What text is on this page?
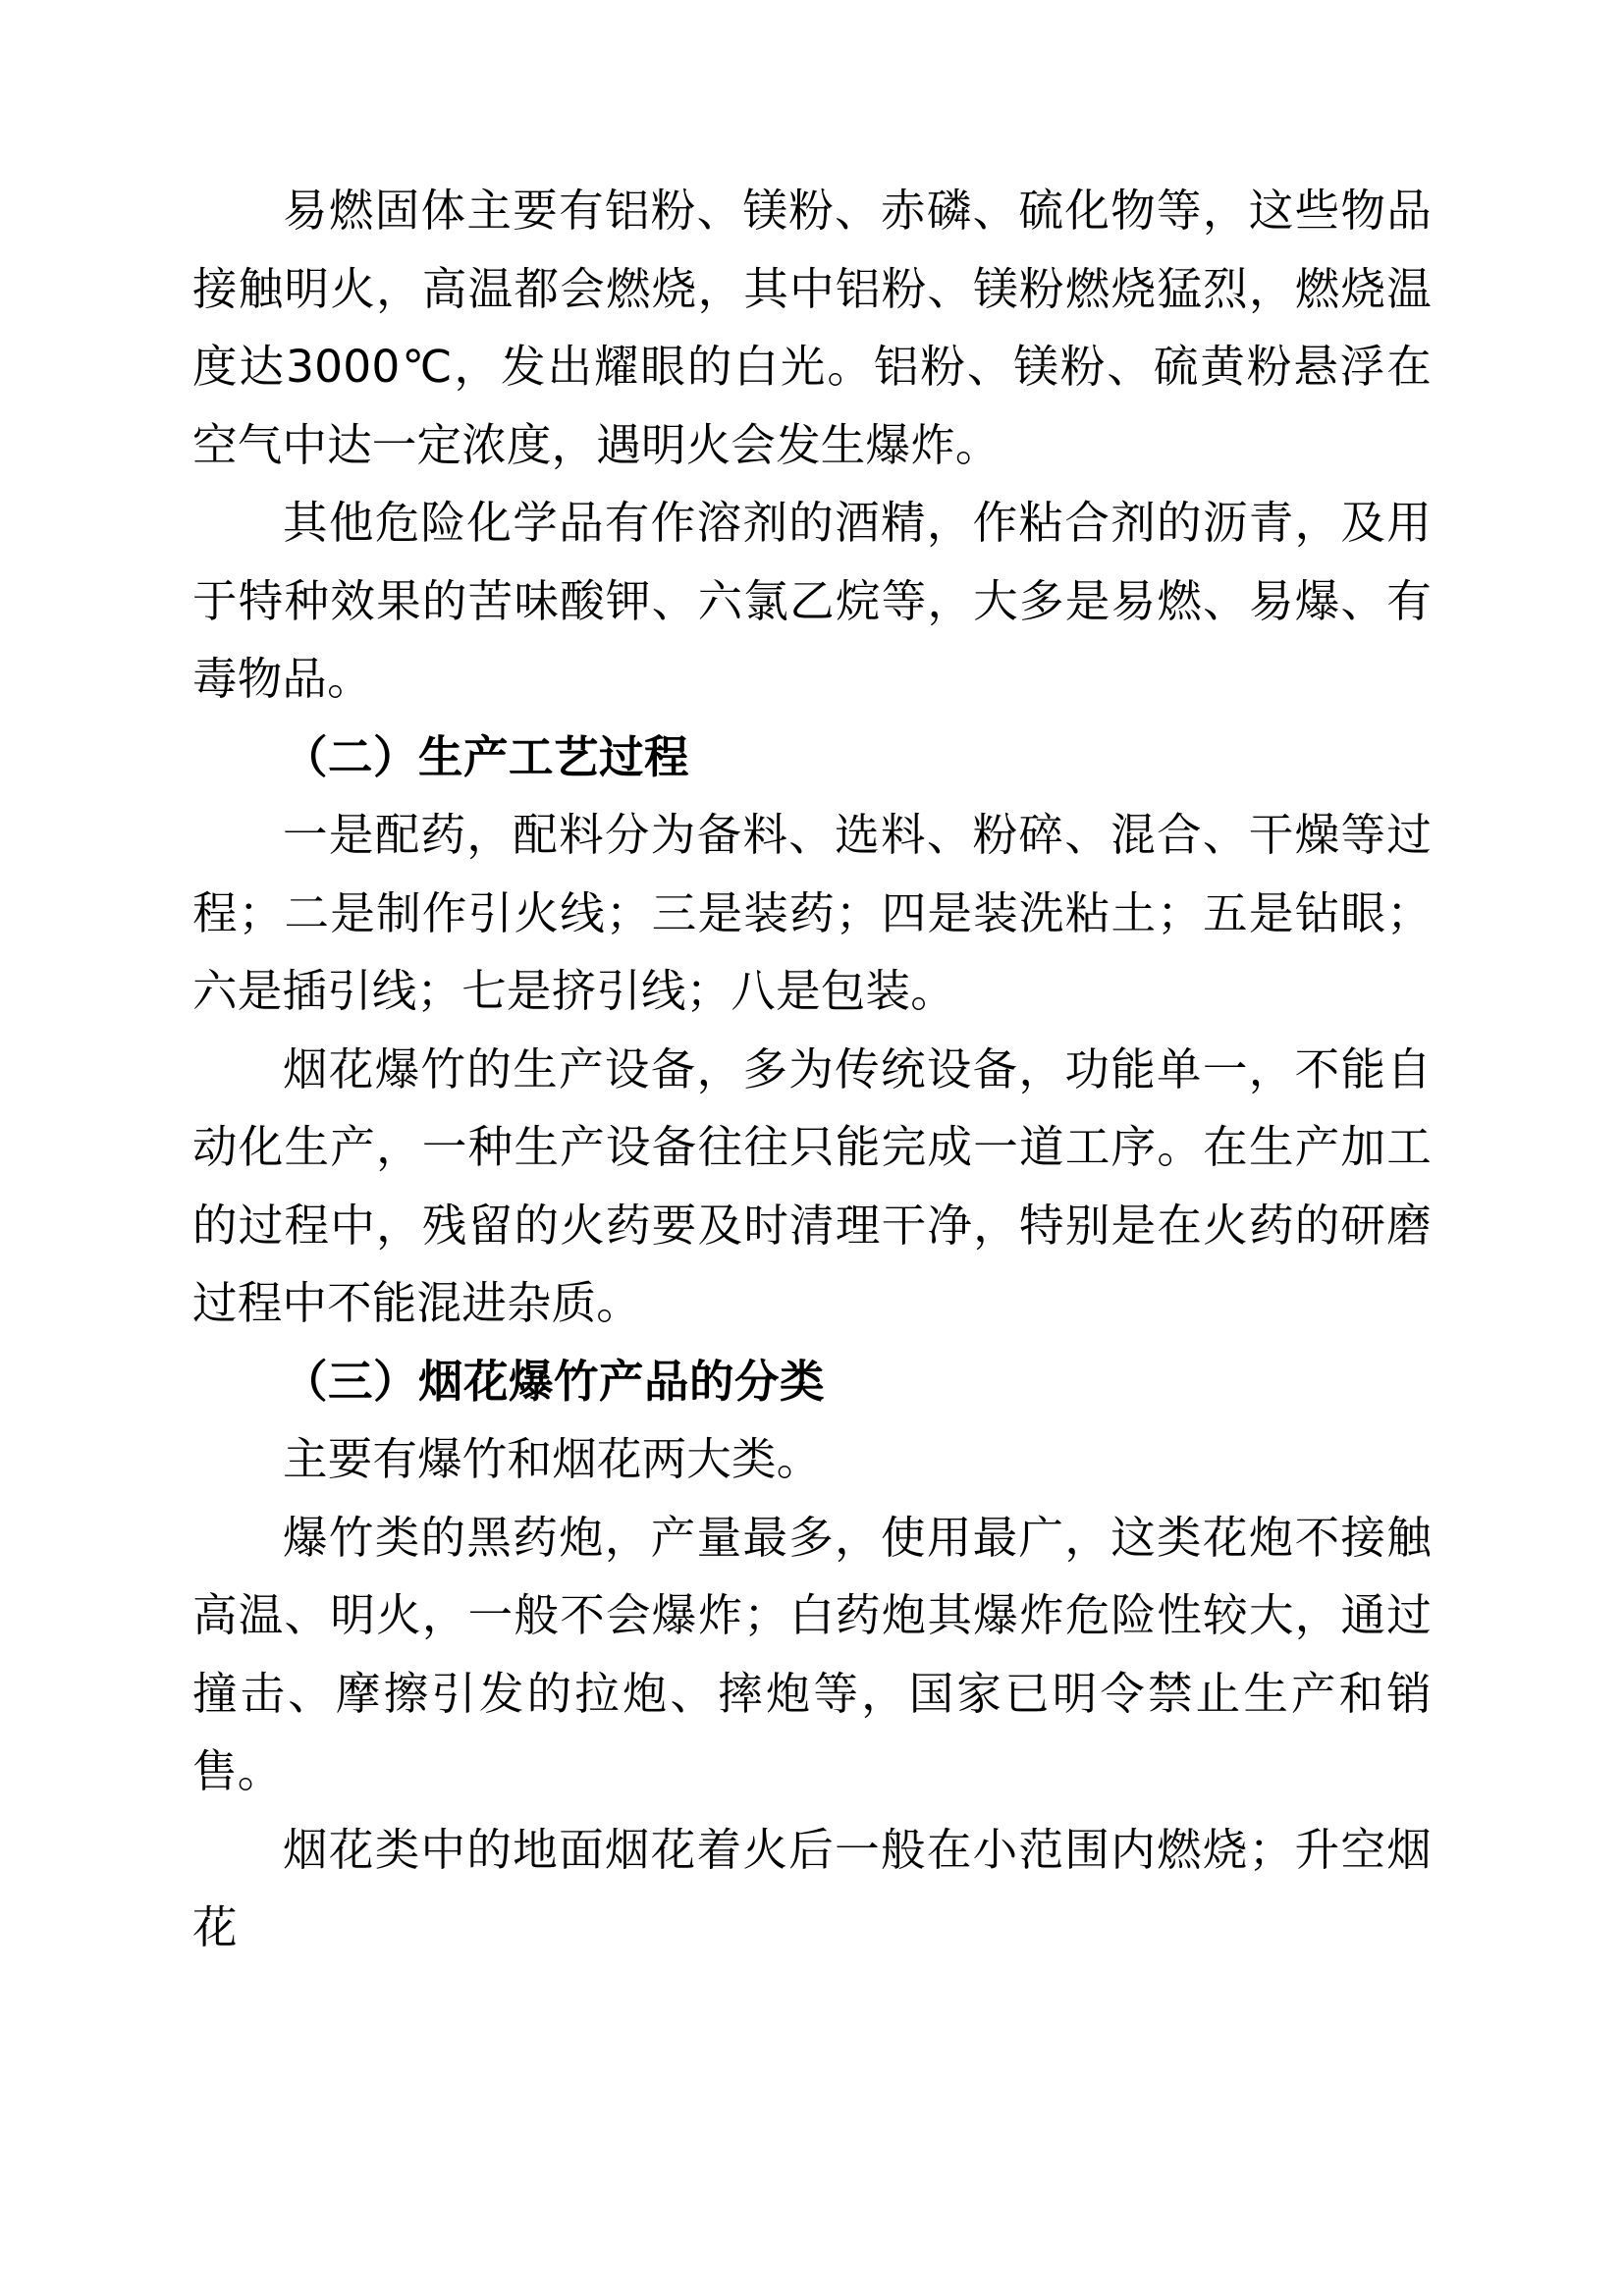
易燃固体主要有铝粉、镁粉、赤磷、硫化物等，这些物品接触明火，高温都会燃烧，其中铝粉、镁粉燃烧猛烈，燃烧温度达3000℃，发出耀眼的白光。铝粉、镁粉、硫黄粉悬浮在空气中达一定浓度，遇明火会发生爆炸。

其他危险化学品有作溶剂的酒精，作粘合剂的沥青，及用于特种效果的苦味酸钾、六氯乙烷等，大多是易燃、易爆、有毒物品。

（二）生产工艺过程

一是配药，配料分为备料、选料、粉碎、混合、干燥等过程；二是制作引火线；三是装药；四是装洗粘土；五是钻眼；六是插引线；七是挤引线；八是包装。

烟花爆竹的生产设备，多为传统设备，功能单一，不能自动化生产，一种生产设备往往只能完成一道工序。在生产加工的过程中，残留的火药要及时清理干净，特别是在火药的研磨过程中不能混进杂质。

（三）烟花爆竹产品的分类

主要有爆竹和烟花两大类。

爆竹类的黑药炮，产量最多，使用最广，这类花炮不接触高温、明火，一般不会爆炸；白药炮其爆炸危险性较大，通过撞击、摩擦引发的拉炮、摔炮等，国家已明令禁止生产和销售。

烟花类中的地面烟花着火后一般在小范围内燃烧；升空烟花
